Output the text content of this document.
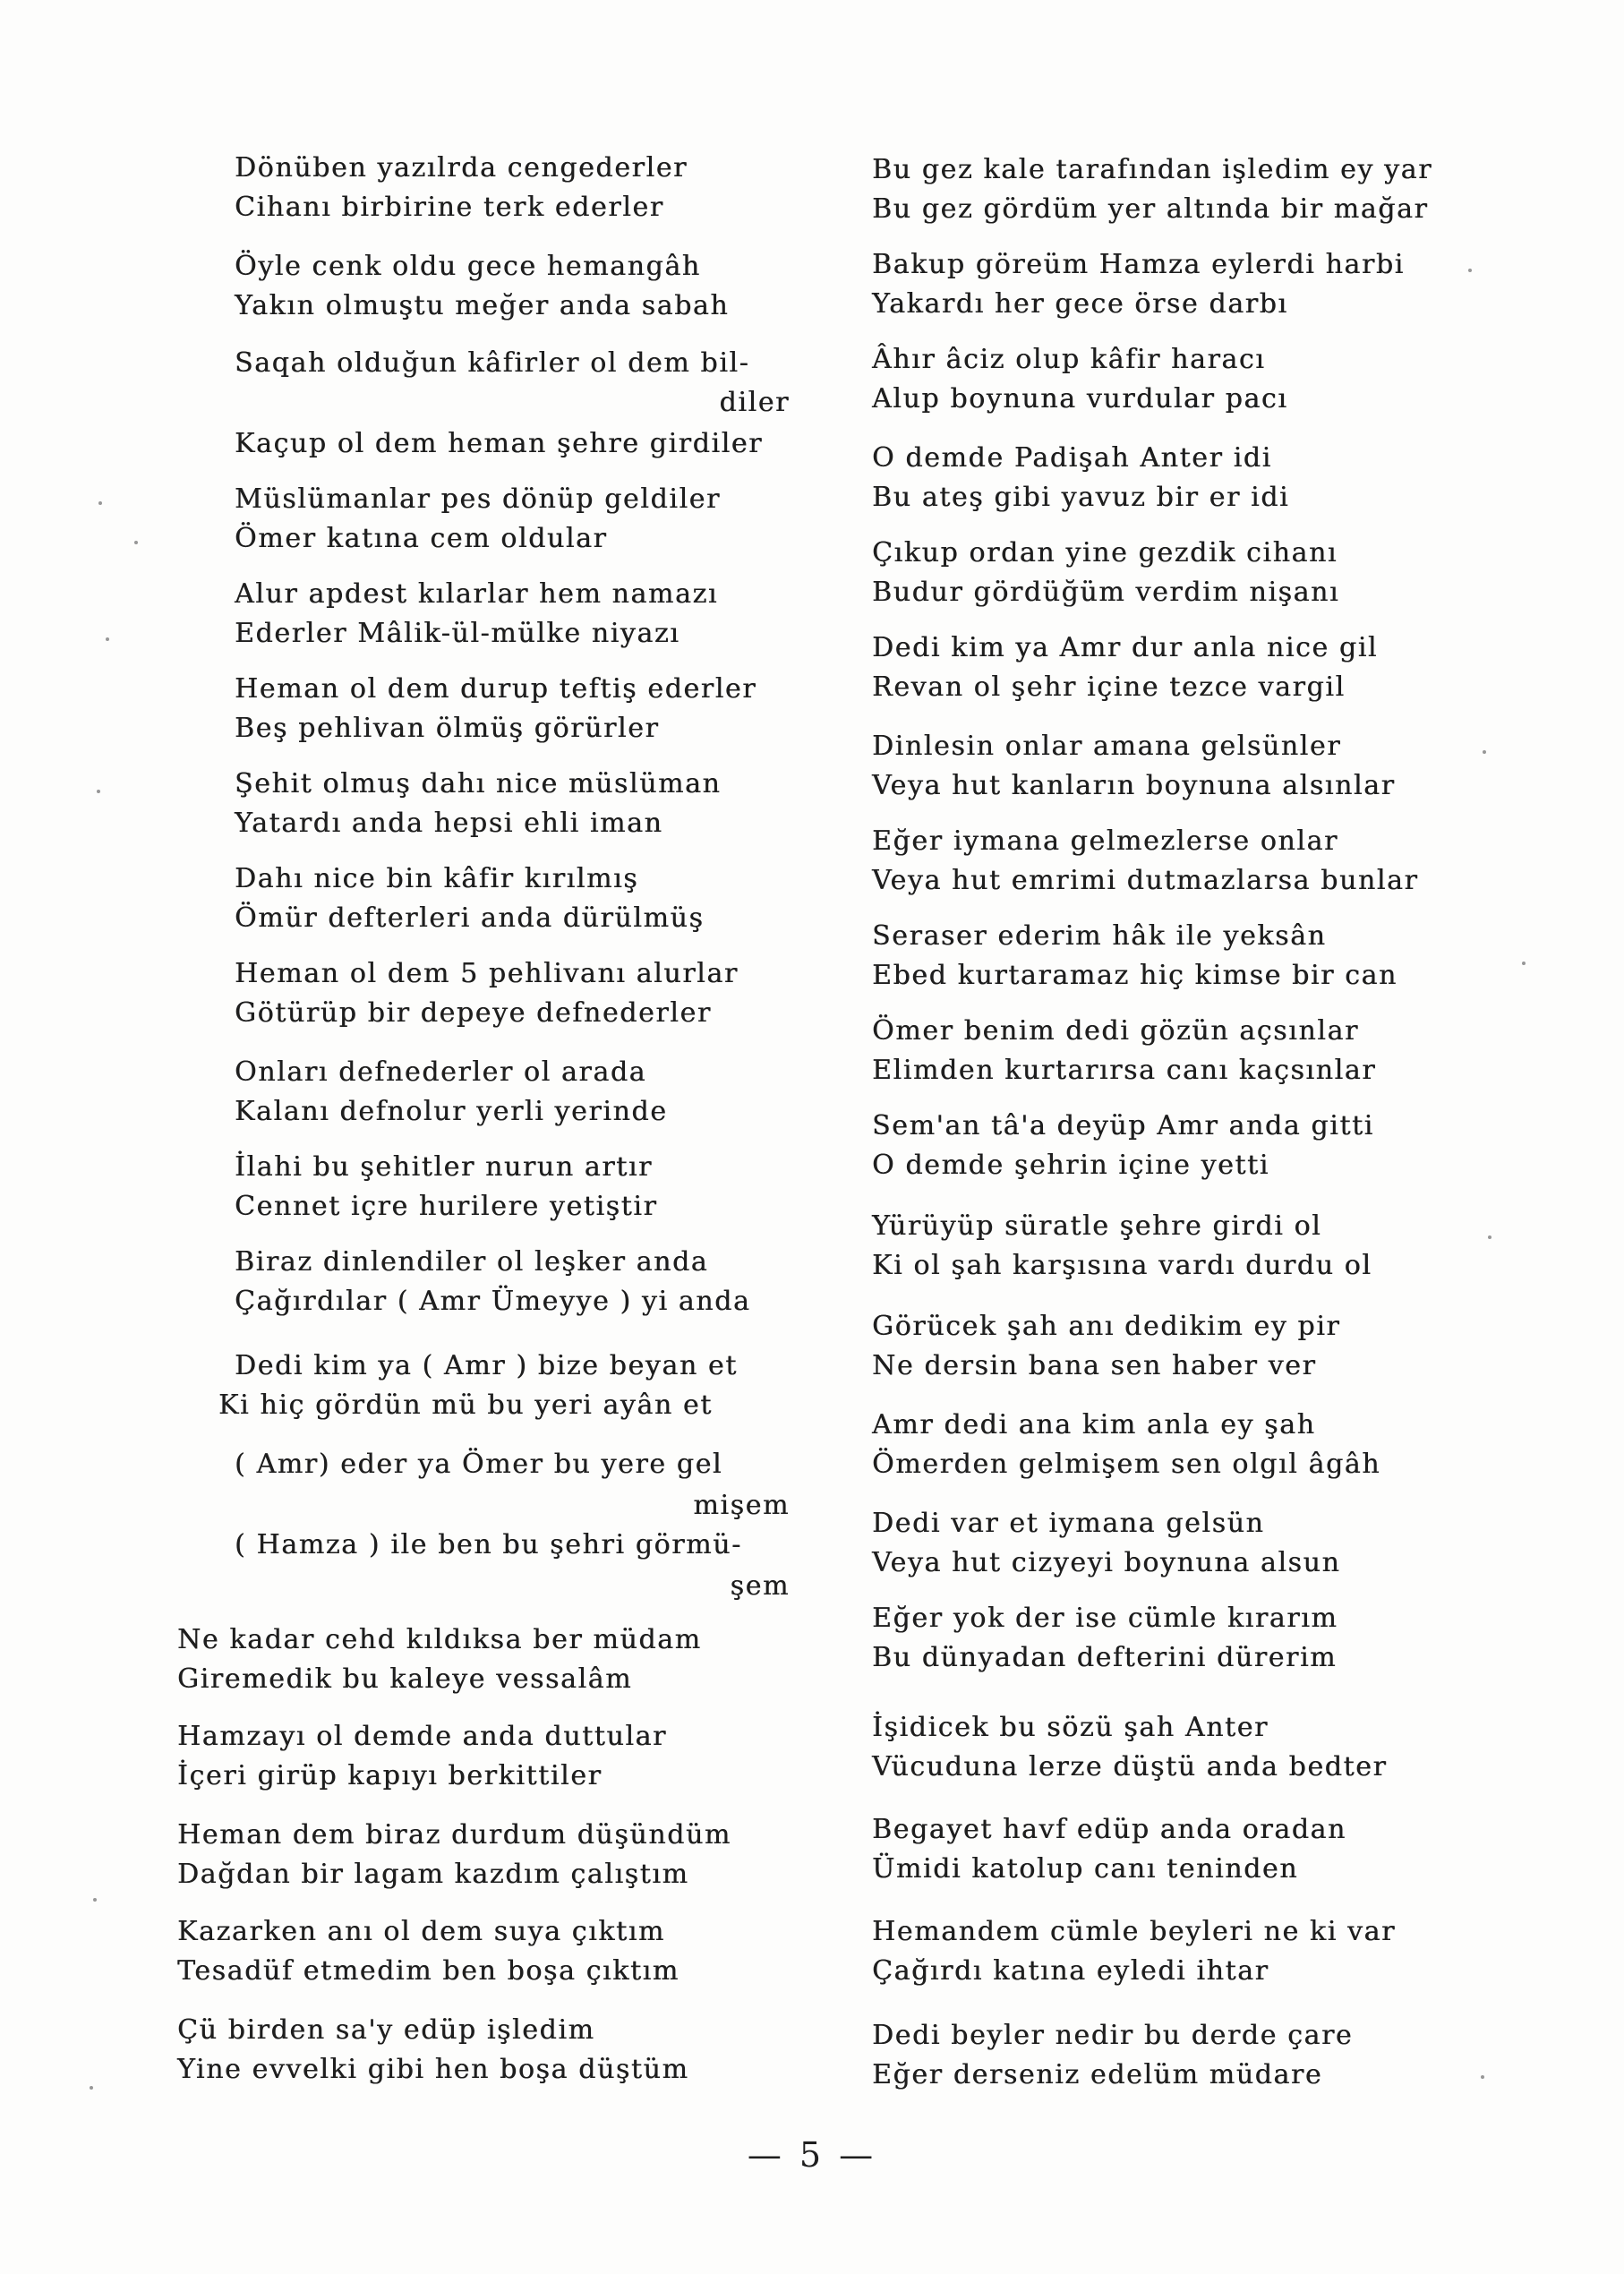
Dönüben yazılrda cengederler
Cihanı birbirine terk ederler
Öyle cenk oldu gece hemangâh
Yakın olmuştu meğer anda sabah
Saqah olduğun kâfirler ol dem bil-
diler
Kaçup ol dem heman şehre girdiler
Müslümanlar pes dönüp geldiler
Ömer katına cem oldular
Alur apdest kılarlar hem namazı
Ederler Mâlik-ül-mülke niyazı
Heman ol dem durup teftiş ederler
Beş pehlivan ölmüş görürler
Şehit olmuş dahı nice müslüman
Yatardı anda hepsi ehli iman
Dahı nice bin kâfir kırılmış
Ömür defterleri anda dürülmüş
Heman ol dem 5 pehlivanı alurlar
Götürüp bir depeye defnederler
Onları defnederler ol arada
Kalanı defnolur yerli yerinde
İlahi bu şehitler nurun artır
Cennet içre hurilere yetiştir
Biraz dinlendiler ol leşker anda
Çağırdılar ( Amr Ümeyye ) yi anda
Dedi kim ya ( Amr ) bize beyan et
Ki hiç gördün mü bu yeri ayân et
( Amr) eder ya Ömer bu yere gel
mişem
( Hamza ) ile ben bu şehri görmü-
şem
Ne kadar cehd kıldıksa ber müdam
Giremedik bu kaleye vessalâm
Hamzayı ol demde anda duttular
İçeri girüp kapıyı berkittiler
Heman dem biraz durdum düşündüm
Dağdan bir lagam kazdım çalıştım
Kazarken anı ol dem suya çıktım
Tesadüf etmedim ben boşa çıktım
Çü birden sa'y edüp işledim
Yine evvelki gibi hen boşa düştüm
Bu gez kale tarafından işledim ey yar
Bu gez gördüm yer altında bir mağar
Bakup göreüm Hamza eylerdi harbi
Yakardı her gece örse darbı
Âhır âciz olup kâfir haracı
Alup boynuna vurdular pacı
O demde Padişah Anter idi
Bu ateş gibi yavuz bir er idi
Çıkup ordan yine gezdik cihanı
Budur gördüğüm verdim nişanı
Dedi kim ya Amr dur anla nice gil
Revan ol şehr içine tezce vargil
Dinlesin onlar amana gelsünler
Veya hut kanların boynuna alsınlar
Eğer iymana gelmezlerse onlar
Veya hut emrimi dutmazlarsa bunlar
Seraser ederim hâk ile yeksân
Ebed kurtaramaz hiç kimse bir can
Ömer benim dedi gözün açsınlar
Elimden kurtarırsa canı kaçsınlar
Sem'an tâ'a deyüp Amr anda gitti
O demde şehrin içine yetti
Yürüyüp süratle şehre girdi ol
Ki ol şah karşısına vardı durdu ol
Görücek şah anı dedikim ey pir
Ne dersin bana sen haber ver
Amr dedi ana kim anla ey şah
Ömerden gelmişem sen olgıl âgâh
Dedi var et iymana gelsün
Veya hut cizyeyi boynuna alsun
Eğer yok der ise cümle kırarım
Bu dünyadan defterini dürerim
İşidicek bu sözü şah Anter
Vücuduna lerze düştü anda bedter
Begayet havf edüp anda oradan
Ümidi katolup canı teninden
Hemandem cümle beyleri ne ki var
Çağırdı katına eyledi ihtar
Dedi beyler nedir bu derde çare
Eğer derseniz edelüm müdare
— 5 —
